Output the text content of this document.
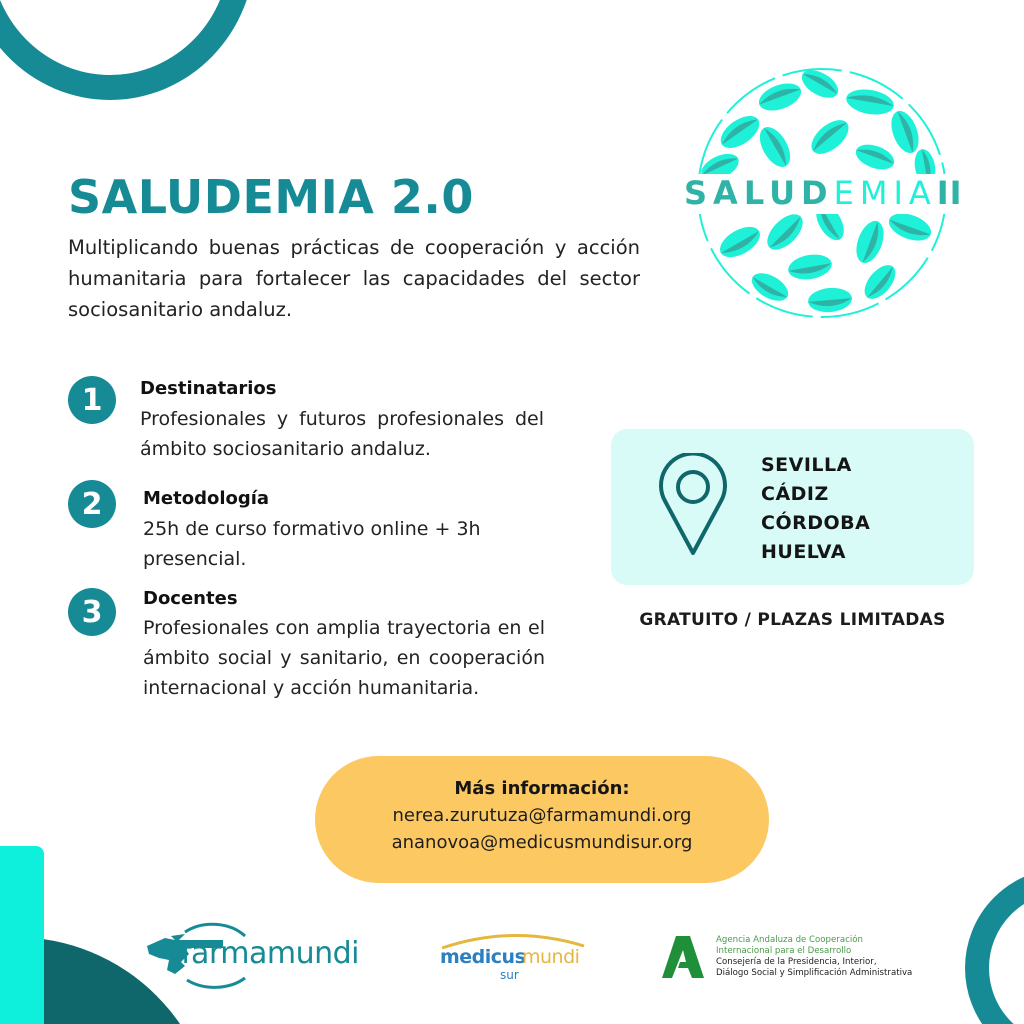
SALUDEMIA 2.0

Multiplicando buenas prácticas de cooperación y acción humanitaria para fortalecer las capacidades del sector sociosanitario andaluz.

SALUDEMIAII
1	Destinatarios
Profesionales y futuros profesionales del ámbito sociosanitario andaluz.
2	Metodología
25h de curso formativo online + 3h presencial.
3	Docentes
Profesionales con amplia trayectoria en el ámbito social y sanitario, en cooperación internacional y acción humanitaria.
SEVILLA
CÁDIZ
CÓRDOBA
HUELVA
GRATUITO / PLAZAS LIMITADAS
Más información:
nerea.zurutuza@farmamundi.org
ananovoa@medicusmundisur.org
farmamundi	medicus
mundi
sur
Agencia Andaluza de Cooperación
Internacional para el Desarrollo
Consejería de la Presidencia, Interior,
Diálogo Social y Simplificación Administrativa
